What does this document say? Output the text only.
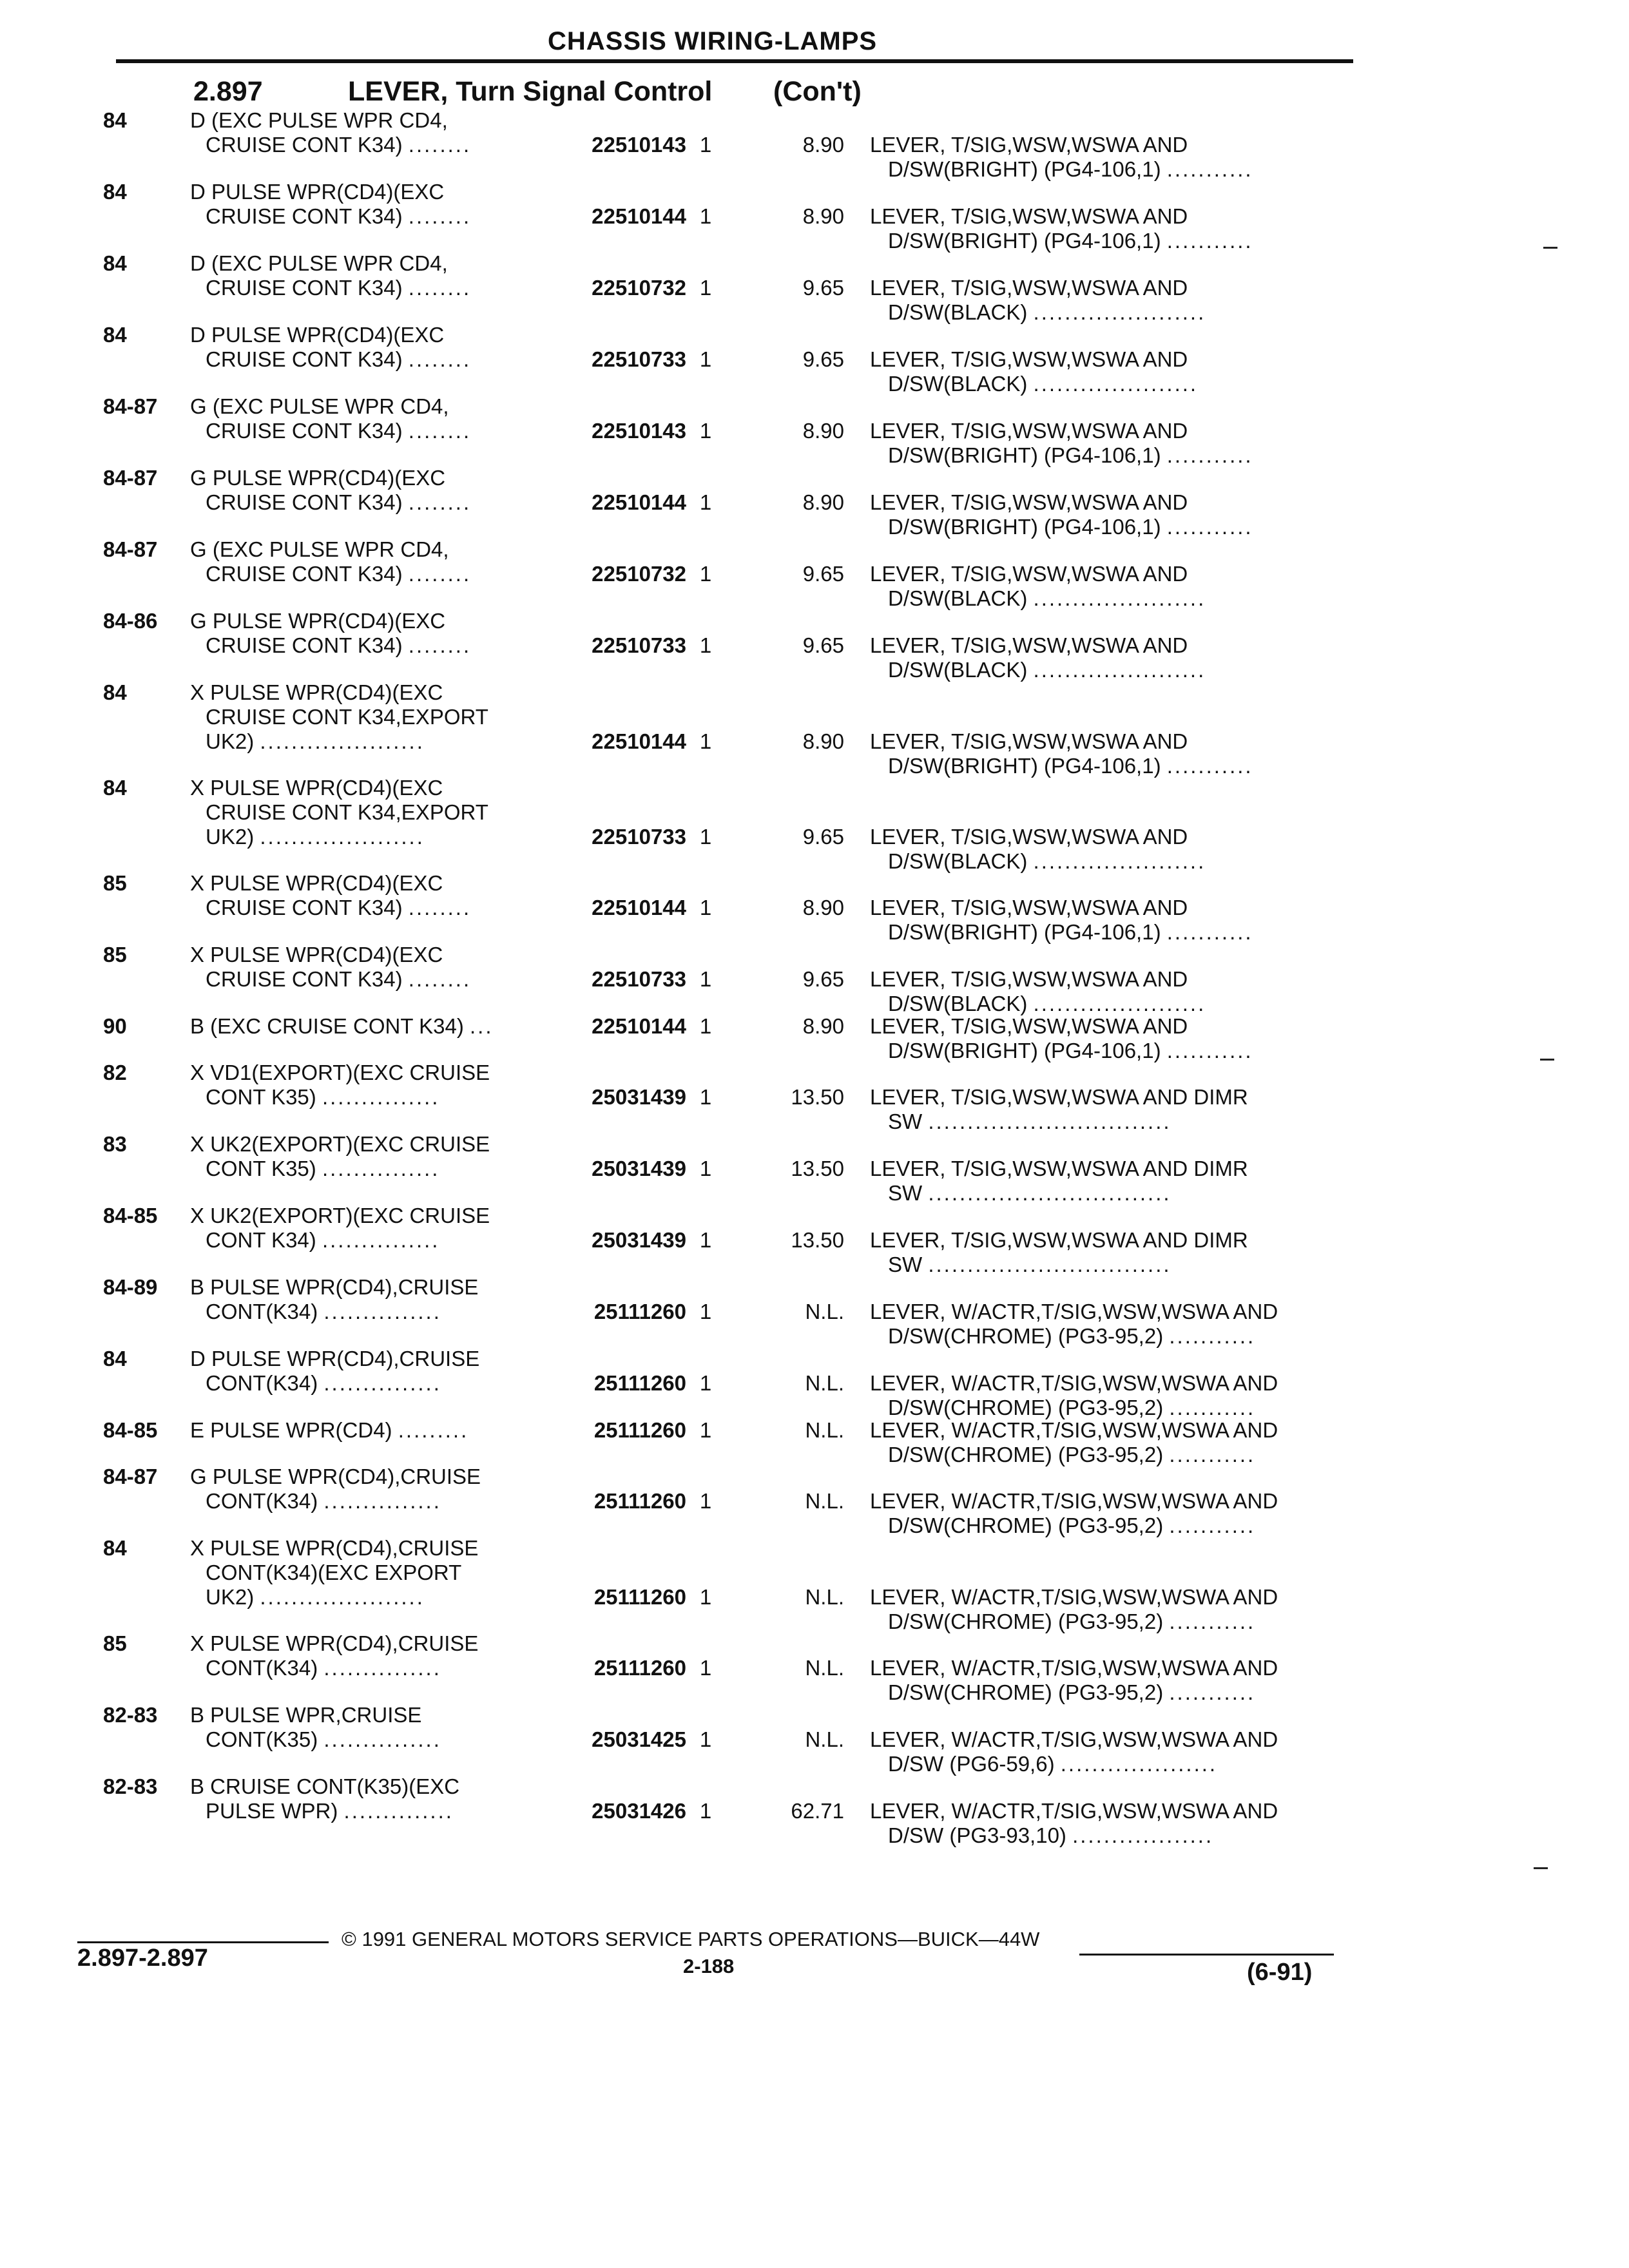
CHASSIS WIRING-LAMPS
2.897	LEVER, Turn Signal Control (Con't)
84	D (EXC PULSE WPR CD4,
CRUISE CONT K34) ........	22510143 1	8.90 LEVER, T/SIG,WSW,WSWA AND
D/SW(BRIGHT) (PG4-106,1) ...........
84	D PULSE WPR(CD4)(EXC
CRUISE CONT K34) ........	22510144 1	8.90 LEVER, T/SIG,WSW,WSWA AND
D/SW(BRIGHT) (PG4-106,1) ...........
84	D (EXC PULSE WPR CD4,
CRUISE CONT K34) ........	22510732 1	9.65 LEVER, T/SIG,WSW,WSWA AND
D/SW(BLACK) ......................
84	D PULSE WPR(CD4)(EXC
CRUISE CONT K34) ........	22510733 1	9.65 LEVER, T/SIG,WSW,WSWA AND
D/SW(BLACK) .....................
84-87	G (EXC PULSE WPR CD4,
CRUISE CONT K34) ........	22510143 1	8.90 LEVER, T/SIG,WSW,WSWA AND
D/SW(BRIGHT) (PG4-106,1) ...........
84-87	G PULSE WPR(CD4)(EXC
CRUISE CONT K34) ........	22510144 1	8.90 LEVER, T/SIG,WSW,WSWA AND
D/SW(BRIGHT) (PG4-106,1) ...........
84-87	G (EXC PULSE WPR CD4,
CRUISE CONT K34) ........	22510732 1	9.65 LEVER, T/SIG,WSW,WSWA AND
D/SW(BLACK) ......................
84-86	G PULSE WPR(CD4)(EXC
CRUISE CONT K34) ........	22510733 1	9.65 LEVER, T/SIG,WSW,WSWA AND
D/SW(BLACK) ......................
84	X PULSE WPR(CD4)(EXC
CRUISE CONT K34,EXPORT
UK2) .....................	22510144 1	8.90 LEVER, T/SIG,WSW,WSWA AND
D/SW(BRIGHT) (PG4-106,1) ...........
84	X PULSE WPR(CD4)(EXC
CRUISE CONT K34,EXPORT
UK2) .....................	22510733 1	9.65 LEVER, T/SIG,WSW,WSWA AND
D/SW(BLACK) ......................
85	X PULSE WPR(CD4)(EXC
CRUISE CONT K34) ........	22510144 1	8.90 LEVER, T/SIG,WSW,WSWA AND
D/SW(BRIGHT) (PG4-106,1) ...........
85	X PULSE WPR(CD4)(EXC
CRUISE CONT K34) ........	22510733 1	9.65 LEVER, T/SIG,WSW,WSWA AND
D/SW(BLACK) ......................
90	B (EXC CRUISE CONT K34) ...	22510144 1	8.90 LEVER, T/SIG,WSW,WSWA AND
D/SW(BRIGHT) (PG4-106,1) ...........
82	X VD1(EXPORT)(EXC CRUISE
CONT K35) ...............	25031439 1	13.50 LEVER, T/SIG,WSW,WSWA AND DIMR
SW ...............................
83	X UK2(EXPORT)(EXC CRUISE
CONT K35) ...............	25031439 1	13.50 LEVER, T/SIG,WSW,WSWA AND DIMR
SW ...............................
84-85	X UK2(EXPORT)(EXC CRUISE
CONT K34) ...............	25031439 1	13.50 LEVER, T/SIG,WSW,WSWA AND DIMR
SW ...............................
84-89	B PULSE WPR(CD4),CRUISE
CONT(K34) ...............	25111260 1	N.L. LEVER, W/ACTR,T/SIG,WSW,WSWA AND
D/SW(CHROME) (PG3-95,2) ...........
84	D PULSE WPR(CD4),CRUISE
CONT(K34) ...............	25111260 1	N.L. LEVER, W/ACTR,T/SIG,WSW,WSWA AND
D/SW(CHROME) (PG3-95,2) ...........
84-85	E PULSE WPR(CD4) .........	25111260 1	N.L. LEVER, W/ACTR,T/SIG,WSW,WSWA AND
D/SW(CHROME) (PG3-95,2) ...........
84-87	G PULSE WPR(CD4),CRUISE
CONT(K34) ...............	25111260 1	N.L. LEVER, W/ACTR,T/SIG,WSW,WSWA AND
D/SW(CHROME) (PG3-95,2) ...........
84	X PULSE WPR(CD4),CRUISE
CONT(K34)(EXC EXPORT
UK2) .....................	25111260 1	N.L. LEVER, W/ACTR,T/SIG,WSW,WSWA AND
D/SW(CHROME) (PG3-95,2) ...........
85	X PULSE WPR(CD4),CRUISE
CONT(K34) ...............	25111260 1	N.L. LEVER, W/ACTR,T/SIG,WSW,WSWA AND
D/SW(CHROME) (PG3-95,2) ...........
82-83	B PULSE WPR,CRUISE
CONT(K35) ...............	25031425 1	N.L. LEVER, W/ACTR,T/SIG,WSW,WSWA AND
D/SW (PG6-59,6) ....................
82-83	B CRUISE CONT(K35)(EXC
PULSE WPR) ..............	25031426 1	62.71 LEVER, W/ACTR,T/SIG,WSW,WSWA AND
D/SW (PG3-93,10) ..................
© 1991 GENERAL MOTORS SERVICE PARTS OPERATIONS—BUICK—44W
2.897-2.897	2-188	(6-91)
